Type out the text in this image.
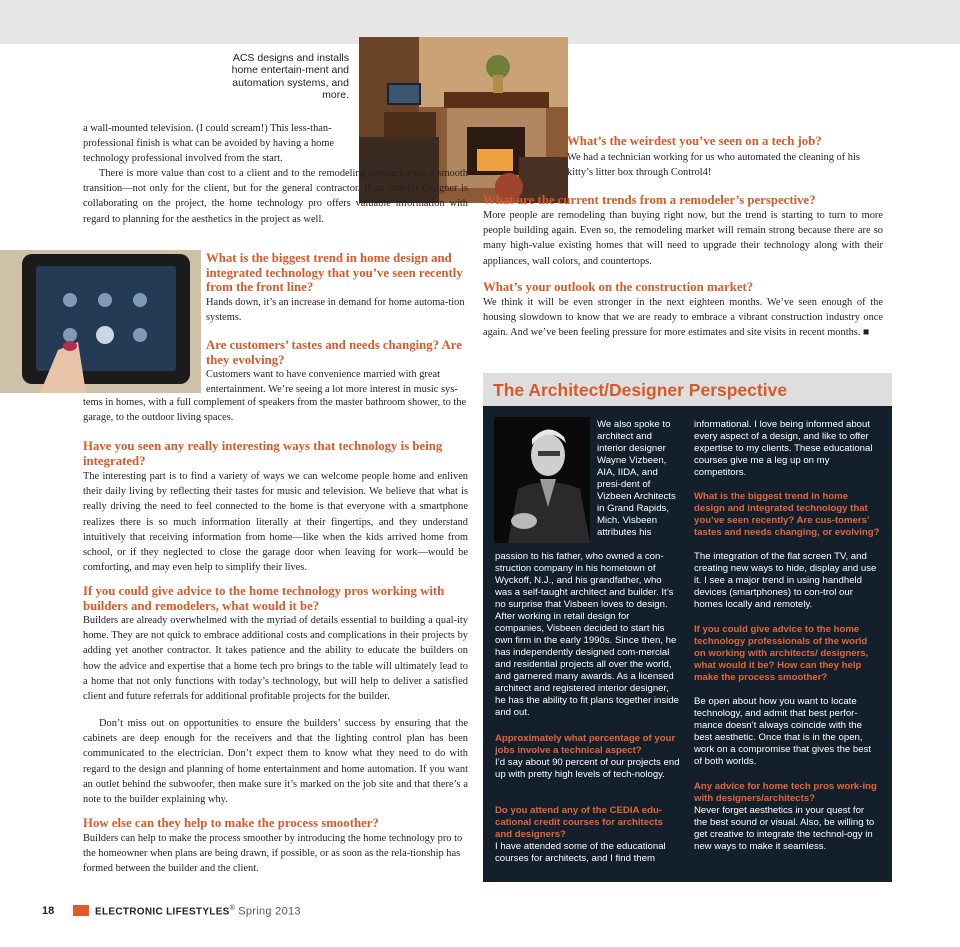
ACS designs and installs home entertain-ment and automation systems, and more.
a wall-mounted television. (I could scream!) This less-than-professional finish is what can be avoided by having a home technology professional involved from the start.
There is more value than cost to a client and to the remodeling contractor for a smooth transition—not only for the client, but for the general contractor. If an interior designer is collaborating on the project, the home technology pro offers valuable information with regard to planning for the aesthetics in the project as well.
What is the biggest trend in home design and integrated technology that you’ve seen recently from the front line?
Hands down, it’s an increase in demand for home automa-tion systems.
Are customers’ tastes and needs changing? Are they evolving?
Customers want to have convenience married with great entertainment. We’re seeing a lot more interest in music sys-
tems in homes, with a full complement of speakers from the master bathroom shower, to the garage, to the outdoor living spaces.
Have you seen any really interesting ways that technology is being integrated?
The interesting part is to find a variety of ways we can welcome people home and enliven their daily living by reflecting their tastes for music and television. We believe that what is really driving the need to feel connected to the home is that everyone with a smartphone realizes there is so much information literally at their fingertips, and they understand intuitively that receiving information from home—like when the kids arrived home from school, or if they neglected to close the garage door when leaving for work—would be comforting, and may even help to simplify their lives.
If you could give advice to the home technology pros working with builders and remodelers, what would it be?
Builders are already overwhelmed with the myriad of details essential to building a qual-ity home. They are not quick to embrace additional costs and complications in their projects by adding yet another contractor. It takes patience and the ability to educate the builders on how the advice and expertise that a home tech pro brings to the table will ultimately lead to a home that not only functions with today’s technology, but will help to deliver a satisfied client and future referrals for additional profitable projects for the builder.
Don’t miss out on opportunities to ensure the builders’ success by ensuring that the cabinets are deep enough for the receivers and that the lighting control plan has been communicated to the electrician. Don’t expect them to know what they need to do with regard to the design and planning of home entertainment and home automation. If you want an outlet behind the subwoofer, then make sure it’s marked on the job site and that there’s a note to the builder explaining why.
How else can they help to make the process smoother?
Builders can help to make the process smoother by introducing the home technology pro to the homeowner when plans are being drawn, if possible, or as soon as the rela-tionship has formed between the builder and the client.
What’s the weirdest you’ve seen on a tech job?
We had a technician working for us who automated the cleaning of his kitty’s litter box through Control4!
What are the current trends from a remodeler’s perspective?
More people are remodeling than buying right now, but the trend is starting to turn to more people building again. Even so, the remodeling market will remain strong because there are so many high-value existing homes that will need to upgrade their technology along with their appliances, wall colors, and countertops.
What’s your outlook on the construction market?
We think it will be even stronger in the next eighteen months. We’ve seen enough of the housing slowdown to know that we are ready to embrace a vibrant construction industry once again. And we’ve been feeling pressure for more estimates and site visits in recent months. ■
The Architect/Designer Perspective
We also spoke to architect and interior designer Wayne Vizbeen, AIA, IIDA, and presi-dent of Vizbeen Architects in Grand Rapids, Mich. Visbeen attributes his
passion to his father, who owned a con-struction company in his hometown of Wyckoff, N.J., and his grandfather, who was a self-taught architect and builder. It’s no surprise that Visbeen loves to design. After working in retail design for companies, Visbeen decided to start his own firm in the early 1990s. Since then, he has independently designed com-mercial and residential projects all over the world, and garnered many awards. As a licensed architect and registered interior designer, he has the ability to fit plans together inside and out.
Approximately what percentage of your jobs involve a technical aspect?
I’d say about 90 percent of our projects end up with pretty high levels of tech-nology.
Do you attend any of the CEDIA edu-cational credit courses for architects and designers?
I have attended some of the educational courses for architects, and I find them
informational. I love being informed about every aspect of a design, and like to offer expertise to my clients. These educational courses give me a leg up on my competitors.
What is the biggest trend in home design and integrated technology that you’ve seen recently? Are cus-tomers’ tastes and needs changing, or evolving?
The integration of the flat screen TV, and creating new ways to hide, display and use it. I see a major trend in using handheld devices (smartphones) to con-trol our homes locally and remotely.
If you could give advice to the home technology professionals of the world on working with architects/ designers, what would it be? How can they help make the process smoother?
Be open about how you want to locate technology, and admit that best perfor-mance doesn’t always coincide with the best aesthetic. Once that is in the open, work on a compromise that gives the best of both worlds.
Any advice for home tech pros work-ing with designers/architects?
Never forget aesthetics in your quest for the best sound or visual. Also, be willing to get creative to integrate the technol-ogy in new ways to make it seamless.
18	ELECTRONIC LIFESTYLES® Spring 2013
